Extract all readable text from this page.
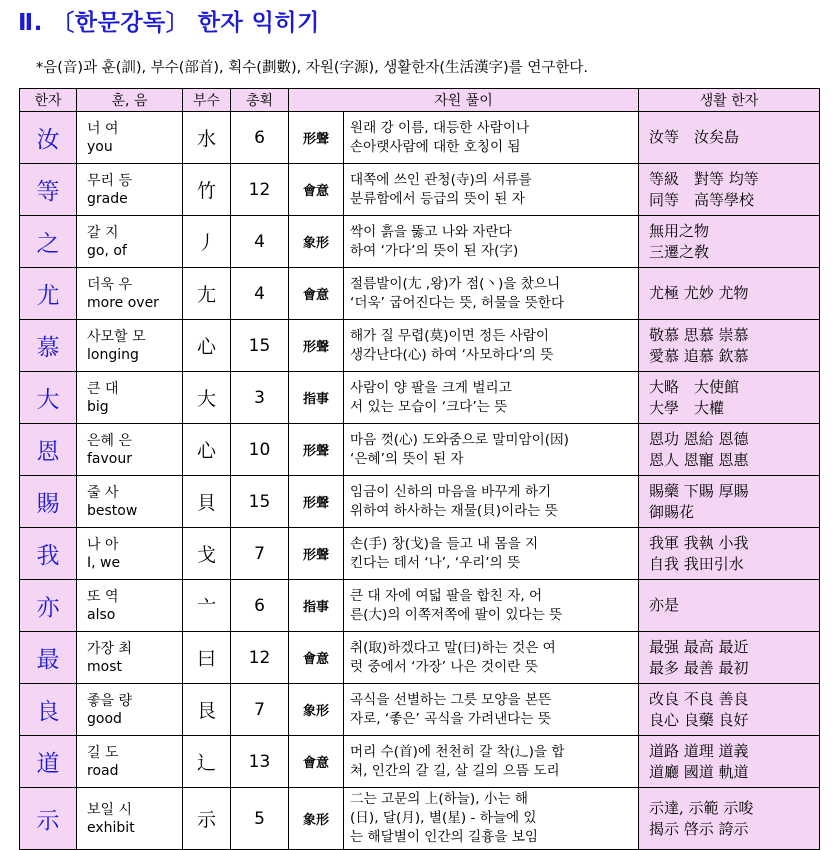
Ⅱ. 〔한문강독〕 한자 익히기
*음(音)과 훈(訓), 부수(部首), 획수(劃數), 자원(字源), 생활한자(生活漢字)를 연구한다.
한자	훈, 음	부수	총획	자원 풀이		생활 한자
汝	너 여
you	水	6	形聲	원래 강 이름, 대등한 사람이나
손아랫사람에 대한 호칭이 됨	汝等　汝矣島

等	무리 등
grade	竹	12	會意	대쪽에 쓰인 관청(寺)의 서류를
분류함에서 등급의 뜻이 된 자	等級　對等 均等
同等　高等學校

之	갈 지
go, of	丿	4	象形	싹이 흙을 뚫고 나와 자란다
하여 ‘가다’의 뜻이 된 자(字)	無用之物
三遷之敎

尤	더욱 우
more over	尢	4	會意	절름발이(尢 ,왕)가 점(丶)을 찼으니
‘더욱’ 굽어진다는 뜻, 허물을 뜻한다	尤極 尤妙 尤物

慕	사모할 모
longing	心	15	形聲	해가 질 무렵(莫)이면 정든 사람이
생각난다(心) 하여 ‘사모하다’의 뜻	敬慕 思慕 崇慕
愛慕 追慕 欽慕

大	큰 대
big	大	3	指事	사람이 양 팔을 크게 벌리고
서 있는 모습이 ‘크다’는 뜻	大略　大使館
大學　大權

恩	은혜 은
favour	心	10	形聲	마음 껏(心) 도와줌으로 말미암이(因)
‘은혜’의 뜻이 된 자	恩功 恩給 恩德
恩人 恩寵 恩惠

賜	줄 사
bestow	貝	15	形聲	임금이 신하의 마음을 바꾸게 하기
위하여 하사하는 재물(貝)이라는 뜻	賜藥 下賜 厚賜
御賜花

我	나 아
I, we	戈	7	形聲	손(手) 창(戈)을 들고 내 몸을 지
킨다는 데서 ‘나’, ‘우리’의 뜻	我軍 我執 小我
自我 我田引水

亦	또 역
also	亠	6	指事	큰 대 자에 여덟 팔을 합친 자, 어
른(大)의 이쪽저쪽에 팔이 있다는 뜻	亦是

最	가장 최
most	曰	12	會意	취(取)하겠다고 말(曰)하는 것은 여
럿 중에서 ‘가장’ 나은 것이란 뜻	最强 最高 最近
最多 最善 最初

良	좋을 량
good	艮	7	象形	곡식을 선별하는 그릇 모양을 본뜬
자로, ‘좋은’ 곡식을 가려낸다는 뜻	改良 不良 善良
良心 良藥 良好

道	길 도
road	辶	13	會意	머리 수(首)에 천천히 갈 착(辶)을 합
쳐, 인간의 갈 길, 살 길의 으뜸 도리	道路 道理 道義
道廳 國道 軌道

示	보일 시
exhibit	示	5	象形	二는 고문의 上(하늘), 小는 해
(日), 달(月), 별(星) - 하늘에 있
는 해달별이 인간의 길흉을 보임	示達, 示範 示唆
揭示 啓示 誇示
